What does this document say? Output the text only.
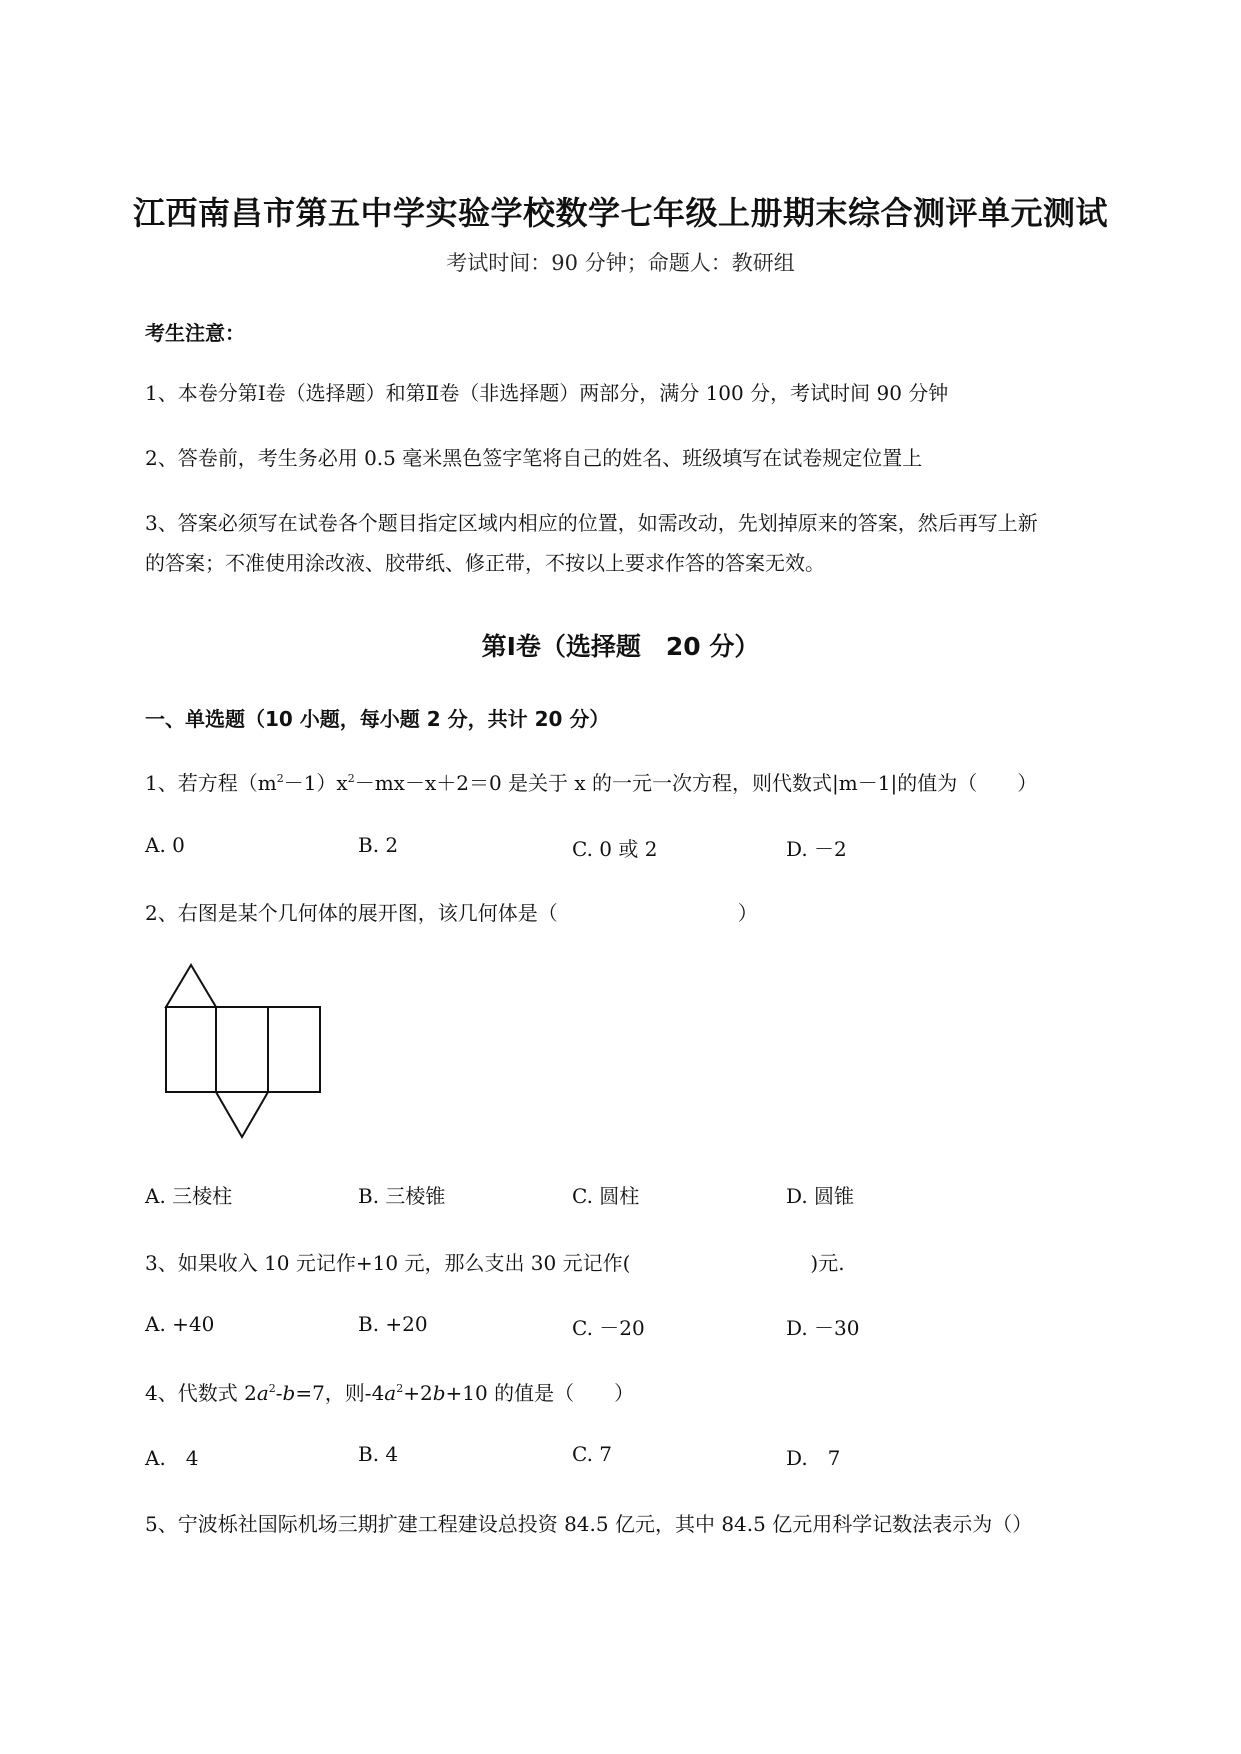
江西南昌市第五中学实验学校数学七年级上册期末综合测评单元测试
考试时间：90 分钟；命题人：教研组
考生注意：
1、本卷分第Ⅰ卷（选择题）和第Ⅱ卷（非选择题）两部分，满分 100 分，考试时间 90 分钟
2、答卷前，考生务必用 0.5 毫米黑色签字笔将自己的姓名、班级填写在试卷规定位置上
3、答案必须写在试卷各个题目指定区域内相应的位置，如需改动，先划掉原来的答案，然后再写上新
的答案；不准使用涂改液、胶带纸、修正带，不按以上要求作答的答案无效。
第Ⅰ卷（选择题　20 分）
一、单选题（10 小题，每小题 2 分，共计 20 分）
1、若方程$(m^2-1)x^2-mx-x+2=0$ 是关于 x 的一元一次方程，则代数式|m－1|的值为（　　）
A. 0	B. 2	C. 0 或 2	D. －2
2、右图是某个几何体的展开图，该几何体是（　　　　　　　　　）
A. 三棱柱	B. 三棱锥	C. 圆柱	D. 圆锥
3、如果收入 10 元记作+10 元，那么支出 30 元记作(　　　　　　　　　)元.
A. +40	B. +20	C. －20	D. －30
4、代数式 $2a^2-b=7$，则$-4a^2+2b+10$ 的值是（　　）
A.　4	B. 4	C. 7	D.　7
5、宁波栎社国际机场三期扩建工程建设总投资 84.5 亿元，其中 84.5 亿元用科学记数法表示为（）
